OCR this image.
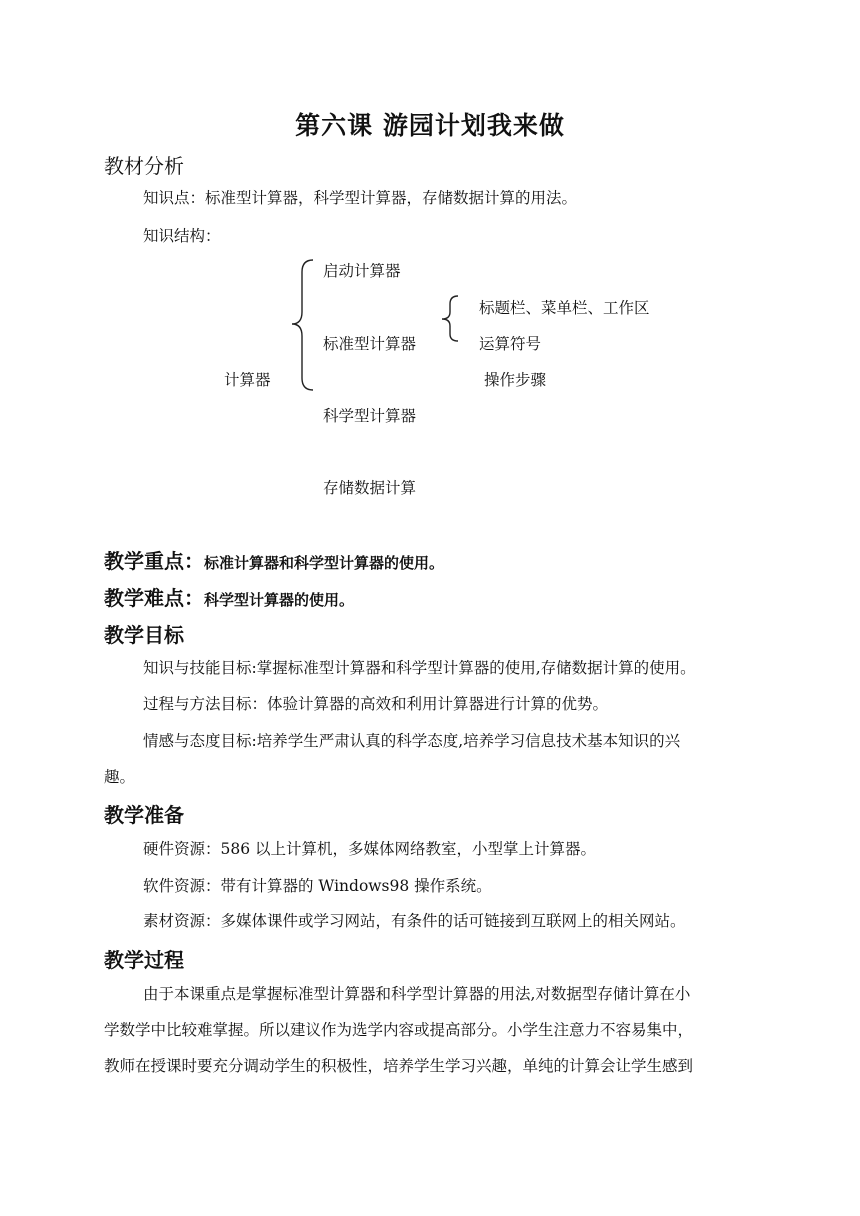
第六课 游园计划我来做
教材分析
知识点：标准型计算器，科学型计算器，存储数据计算的用法。
知识结构：
计算器
启动计算器
标准型计算器
科学型计算器
存储数据计算
标题栏、菜单栏、工作区
运算符号
操作步骤
教学重点：标准计算器和科学型计算器的使用。
教学难点：科学型计算器的使用。
教学目标
知识与技能目标:掌握标准型计算器和科学型计算器的使用,存储数据计算的使用。
过程与方法目标：体验计算器的高效和利用计算器进行计算的优势。
情感与态度目标:培养学生严肃认真的科学态度,培养学习信息技术基本知识的兴
趣。
教学准备
硬件资源：586 以上计算机，多媒体网络教室，小型掌上计算器。
软件资源：带有计算器的 Windows98 操作系统。
素材资源：多媒体课件或学习网站，有条件的话可链接到互联网上的相关网站。
教学过程
由于本课重点是掌握标准型计算器和科学型计算器的用法,对数据型存储计算在小
学数学中比较难掌握。所以建议作为选学内容或提高部分。小学生注意力不容易集中，
教师在授课时要充分调动学生的积极性，培养学生学习兴趣，单纯的计算会让学生感到
